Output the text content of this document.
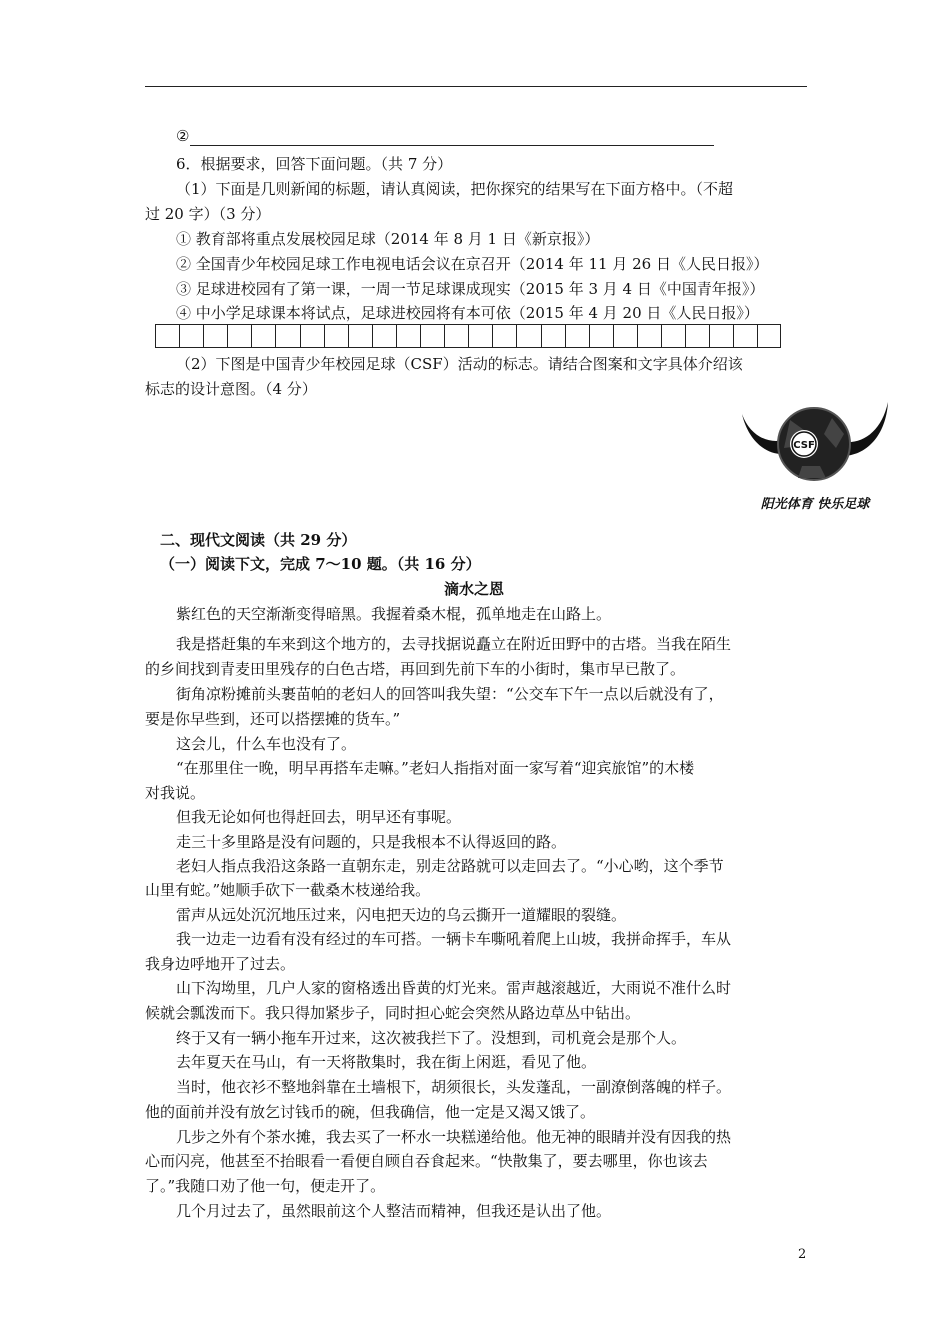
②
6．根据要求，回答下面问题。（共 7 分）
（1）下面是几则新闻的标题，请认真阅读，把你探究的结果写在下面方格中。（不超
过 20 字）（3 分）
① 教育部将重点发展校园足球（2014 年 8 月 1 日《新京报》）
② 全国青少年校园足球工作电视电话会议在京召开（2014 年 11 月 26 日《人民日报》）
③ 足球进校园有了第一课，一周一节足球课成现实（2015 年 3 月 4 日《中国青年报》）
④ 中小学足球课本将试点，足球进校园将有本可依（2015 年 4 月 20 日《人民日报》）
（2）下图是中国青少年校园足球（CSF）活动的标志。请结合图案和文字具体介绍该
标志的设计意图。（4 分）
CSF
阳光体育 快乐足球
二、现代文阅读（共 29 分）
（一）阅读下文，完成 7～10 题。（共 16 分）
滴水之恩
紫红色的天空渐渐变得暗黑。我握着桑木棍，孤单地走在山路上。
我是搭赶集的车来到这个地方的，去寻找据说矗立在附近田野中的古塔。当我在陌生
的乡间找到青麦田里残存的白色古塔，再回到先前下车的小街时，集市早已散了。
街角凉粉摊前头裹苗帕的老妇人的回答叫我失望：“公交车下午一点以后就没有了，
要是你早些到，还可以搭摆摊的货车。”
这会儿，什么车也没有了。
“在那里住一晚，明早再搭车走嘛。”老妇人指指对面一家写着“迎宾旅馆”的木楼
对我说。
但我无论如何也得赶回去，明早还有事呢。
走三十多里路是没有问题的，只是我根本不认得返回的路。
老妇人指点我沿这条路一直朝东走，别走岔路就可以走回去了。“小心哟，这个季节
山里有蛇。”她顺手砍下一截桑木枝递给我。
雷声从远处沉沉地压过来，闪电把天边的乌云撕开一道耀眼的裂缝。
我一边走一边看有没有经过的车可搭。一辆卡车嘶吼着爬上山坡，我拼命挥手，车从
我身边呼地开了过去。
山下沟坳里，几户人家的窗格透出昏黄的灯光来。雷声越滚越近，大雨说不准什么时
候就会瓢泼而下。我只得加紧步子，同时担心蛇会突然从路边草丛中钻出。
终于又有一辆小拖车开过来，这次被我拦下了。没想到，司机竟会是那个人。
去年夏天在马山，有一天将散集时，我在街上闲逛，看见了他。
当时，他衣衫不整地斜靠在土墙根下，胡须很长，头发蓬乱，一副潦倒落魄的样子。
他的面前并没有放乞讨钱币的碗，但我确信，他一定是又渴又饿了。
几步之外有个茶水摊，我去买了一杯水一块糕递给他。他无神的眼睛并没有因我的热
心而闪亮，他甚至不抬眼看一看便自顾自吞食起来。“快散集了，要去哪里，你也该去
了。”我随口劝了他一句，便走开了。
几个月过去了，虽然眼前这个人整洁而精神，但我还是认出了他。
2
